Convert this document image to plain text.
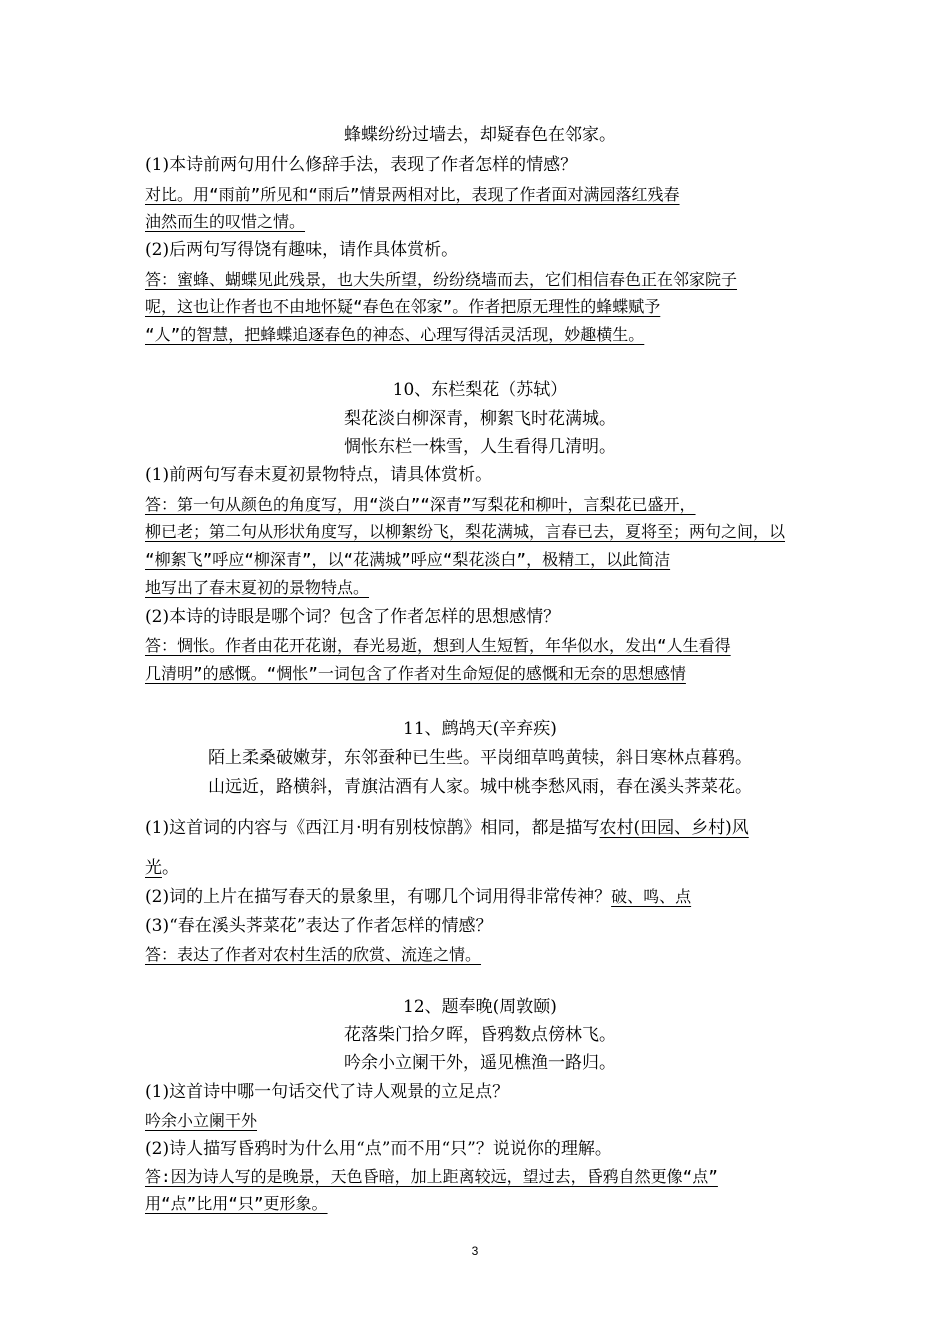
蜂蝶纷纷过墙去，却疑春色在邻家。
(1)本诗前两句用什么修辞手法，表现了作者怎样的情感？
对比。用“雨前”所见和“雨后”情景两相对比，表现了作者面对满园落红残春
油然而生的叹惜之情。
(2)后两句写得饶有趣味，请作具体赏析。
答：蜜蜂、蝴蝶见此残景，也大失所望，纷纷绕墙而去，它们相信春色正在邻家院子
呢，这也让作者也不由地怀疑“春色在邻家”。作者把原无理性的蜂蝶赋予
“人”的智慧，把蜂蝶追逐春色的神态、心理写得活灵活现，妙趣横生。
10、东栏梨花（苏轼）
梨花淡白柳深青，柳絮飞时花满城。
惆怅东栏一株雪，人生看得几清明。
(1)前两句写春末夏初景物特点，请具体赏析。
答：第一句从颜色的角度写，用“淡白”“深青”写梨花和柳叶，言梨花已盛开，
柳已老；第二句从形状角度写，以柳絮纷飞，梨花满城，言春已去，夏将至；两句之间，以
“柳絮飞”呼应“柳深青”，以“花满城”呼应“梨花淡白”，极精工，以此简洁
地写出了春末夏初的景物特点。
(2)本诗的诗眼是哪个词？包含了作者怎样的思想感情？
答：惆怅。作者由花开花谢，春光易逝，想到人生短暂，年华似水，发出“人生看得
几清明”的感慨。“惆怅”一词包含了作者对生命短促的感慨和无奈的思想感情
11、鹧鸪天(辛弃疾)
陌上柔桑破嫩芽，东邻蚕种已生些。平岗细草鸣黄犊，斜日寒林点暮鸦。
山远近，路横斜，青旗沽酒有人家。城中桃李愁风雨，春在溪头荠菜花。
(1)这首词的内容与《西江月·明有别枝惊鹊》相同，都是描写农村(田园、乡村)风
光。
(2)词的上片在描写春天的景象里，有哪几个词用得非常传神？破、鸣、点
(3)“春在溪头荠菜花”表达了作者怎样的情感？
答：表达了作者对农村生活的欣赏、流连之情。
12、题奉晚(周敦颐)
花落柴门拾夕晖，昏鸦数点傍林飞。
吟余小立阑干外，遥见樵渔一路归。
(1)这首诗中哪一句话交代了诗人观景的立足点？
吟余小立阑干外
(2)诗人描写昏鸦时为什么用“点”而不用“只”？说说你的理解。
答:因为诗人写的是晚景，天色昏暗，加上距离较远，望过去，昏鸦自然更像“点”
用“点”比用“只”更形象。
3
